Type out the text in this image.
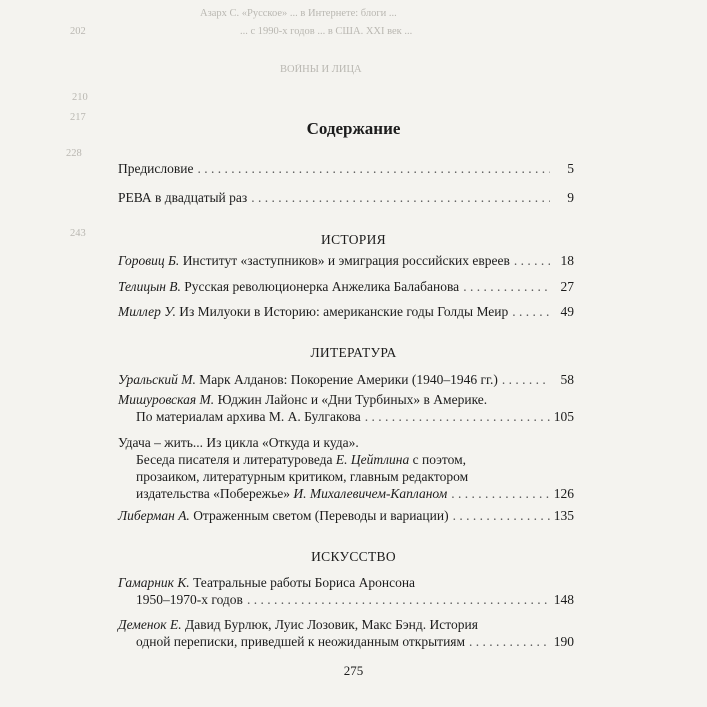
Азарх С. «Русское» ... в Интернете: блоги ...
... с 1990-х годов ... в США. XXI век ...
ВОЙНЫ И ЛИЦА
202
210
217
228
243
Содержание
Предисловие . . .	5
РЕВА в двадцатый раз . . .	9
ИСТОРИЯ
Горовиц Б. Институт «заступников» и эмиграция российских евреев . . .	18
Телицын В. Русская революционерка Анжелика Балабанова . . .	27
Миллер У. Из Милуоки в Историю: американские годы Голды Меир . . .	49
ЛИТЕРАТУРА
Уральский М. Марк Алданов: Покорение Америки (1940–1946 гг.) . . .	58
Мишуровская М. Юджин Лайонс и «Дни Турбиных» в Америке.
По материалам архива М. А. Булгакова . . .	105
Удача – жить... Из цикла «Откуда и куда».
Беседа писателя и литературоведа Е. Цейтлина с поэтом,
прозаиком, литературным критиком, главным редактором
издательства «Побережье» И. Михалевичем-Капланом . . .	126
Либерман А. Отраженным светом (Переводы и вариации) . . .	135
ИСКУССТВО
Гамарник К. Театральные работы Бориса Аронсона
1950–1970-х годов . . .	148
Деменок Е. Давид Бурлюк, Луис Лозовик, Макс Бэнд. История
одной переписки, приведшей к неожиданным открытиям . . .	190
275
